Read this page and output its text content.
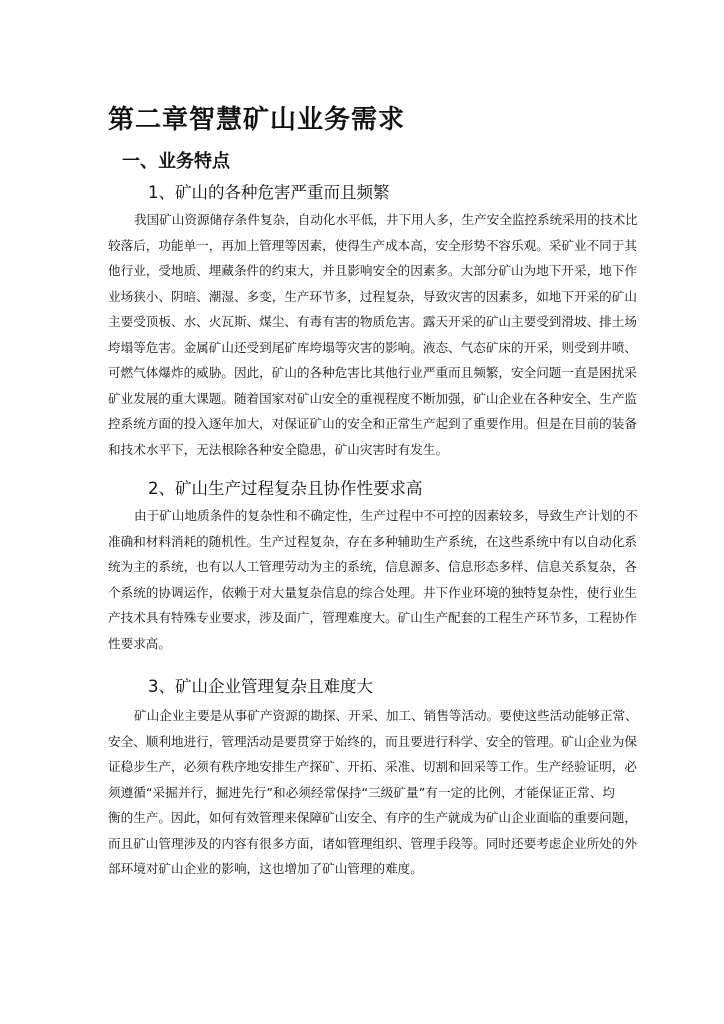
第二章智慧矿山业务需求
一、业务特点
1、矿山的各种危害严重而且频繁
我国矿山资源储存条件复杂，自动化水平低，井下用人多，生产安全监控系统采用的技术比
较落后，功能单一，再加上管理等因素，使得生产成本高，安全形势不容乐观。采矿业不同于其
他行业，受地质、埋藏条件的约束大，并且影响安全的因素多。大部分矿山为地下开采，地下作
业场狭小、阴暗、潮湿、多变，生产环节多，过程复杂，导致灾害的因素多，如地下开采的矿山
主要受顶板、水、火瓦斯、煤尘、有毒有害的物质危害。露天开采的矿山主要受到滑坡、排土场
垮塌等危害。金属矿山还受到尾矿库垮塌等灾害的影响。液态、气态矿床的开采，则受到井喷、
可燃气体爆炸的威胁。因此，矿山的各种危害比其他行业严重而且频繁，安全问题一直是困扰采
矿业发展的重大课题。随着国家对矿山安全的重视程度不断加强，矿山企业在各种安全、生产监
控系统方面的投入逐年加大，对保证矿山的安全和正常生产起到了重要作用。但是在目前的装备
和技术水平下，无法根除各种安全隐患，矿山灾害时有发生。
2、矿山生产过程复杂且协作性要求高
由于矿山地质条件的复杂性和不确定性，生产过程中不可控的因素较多，导致生产计划的不
准确和材料消耗的随机性。生产过程复杂，存在多种辅助生产系统，在这些系统中有以自动化系
统为主的系统，也有以人工管理劳动为主的系统，信息源多、信息形态多样、信息关系复杂，各
个系统的协调运作，依赖于对大量复杂信息的综合处理。井下作业环境的独特复杂性，使行业生
产技术具有特殊专业要求，涉及面广，管理难度大。矿山生产配套的工程生产环节多，工程协作
性要求高。
3、矿山企业管理复杂且难度大
矿山企业主要是从事矿产资源的勘探、开采、加工、销售等活动。要使这些活动能够正常、
安全、顺利地进行，管理活动是要贯穿于始终的，而且要进行科学、安全的管理。矿山企业为保
证稳步生产，必须有秩序地安排生产探矿、开拓、采准、切割和回采等工作。生产经验证明，必
须遵循“采掘并行，掘进先行”和必须经常保持“三级矿量”有一定的比例，才能保证正常、均
衡的生产。因此，如何有效管理来保障矿山安全、有序的生产就成为矿山企业面临的重要问题，
而且矿山管理涉及的内容有很多方面，诸如管理组织、管理手段等。同时还要考虑企业所处的外
部环境对矿山企业的影响，这也增加了矿山管理的难度。
